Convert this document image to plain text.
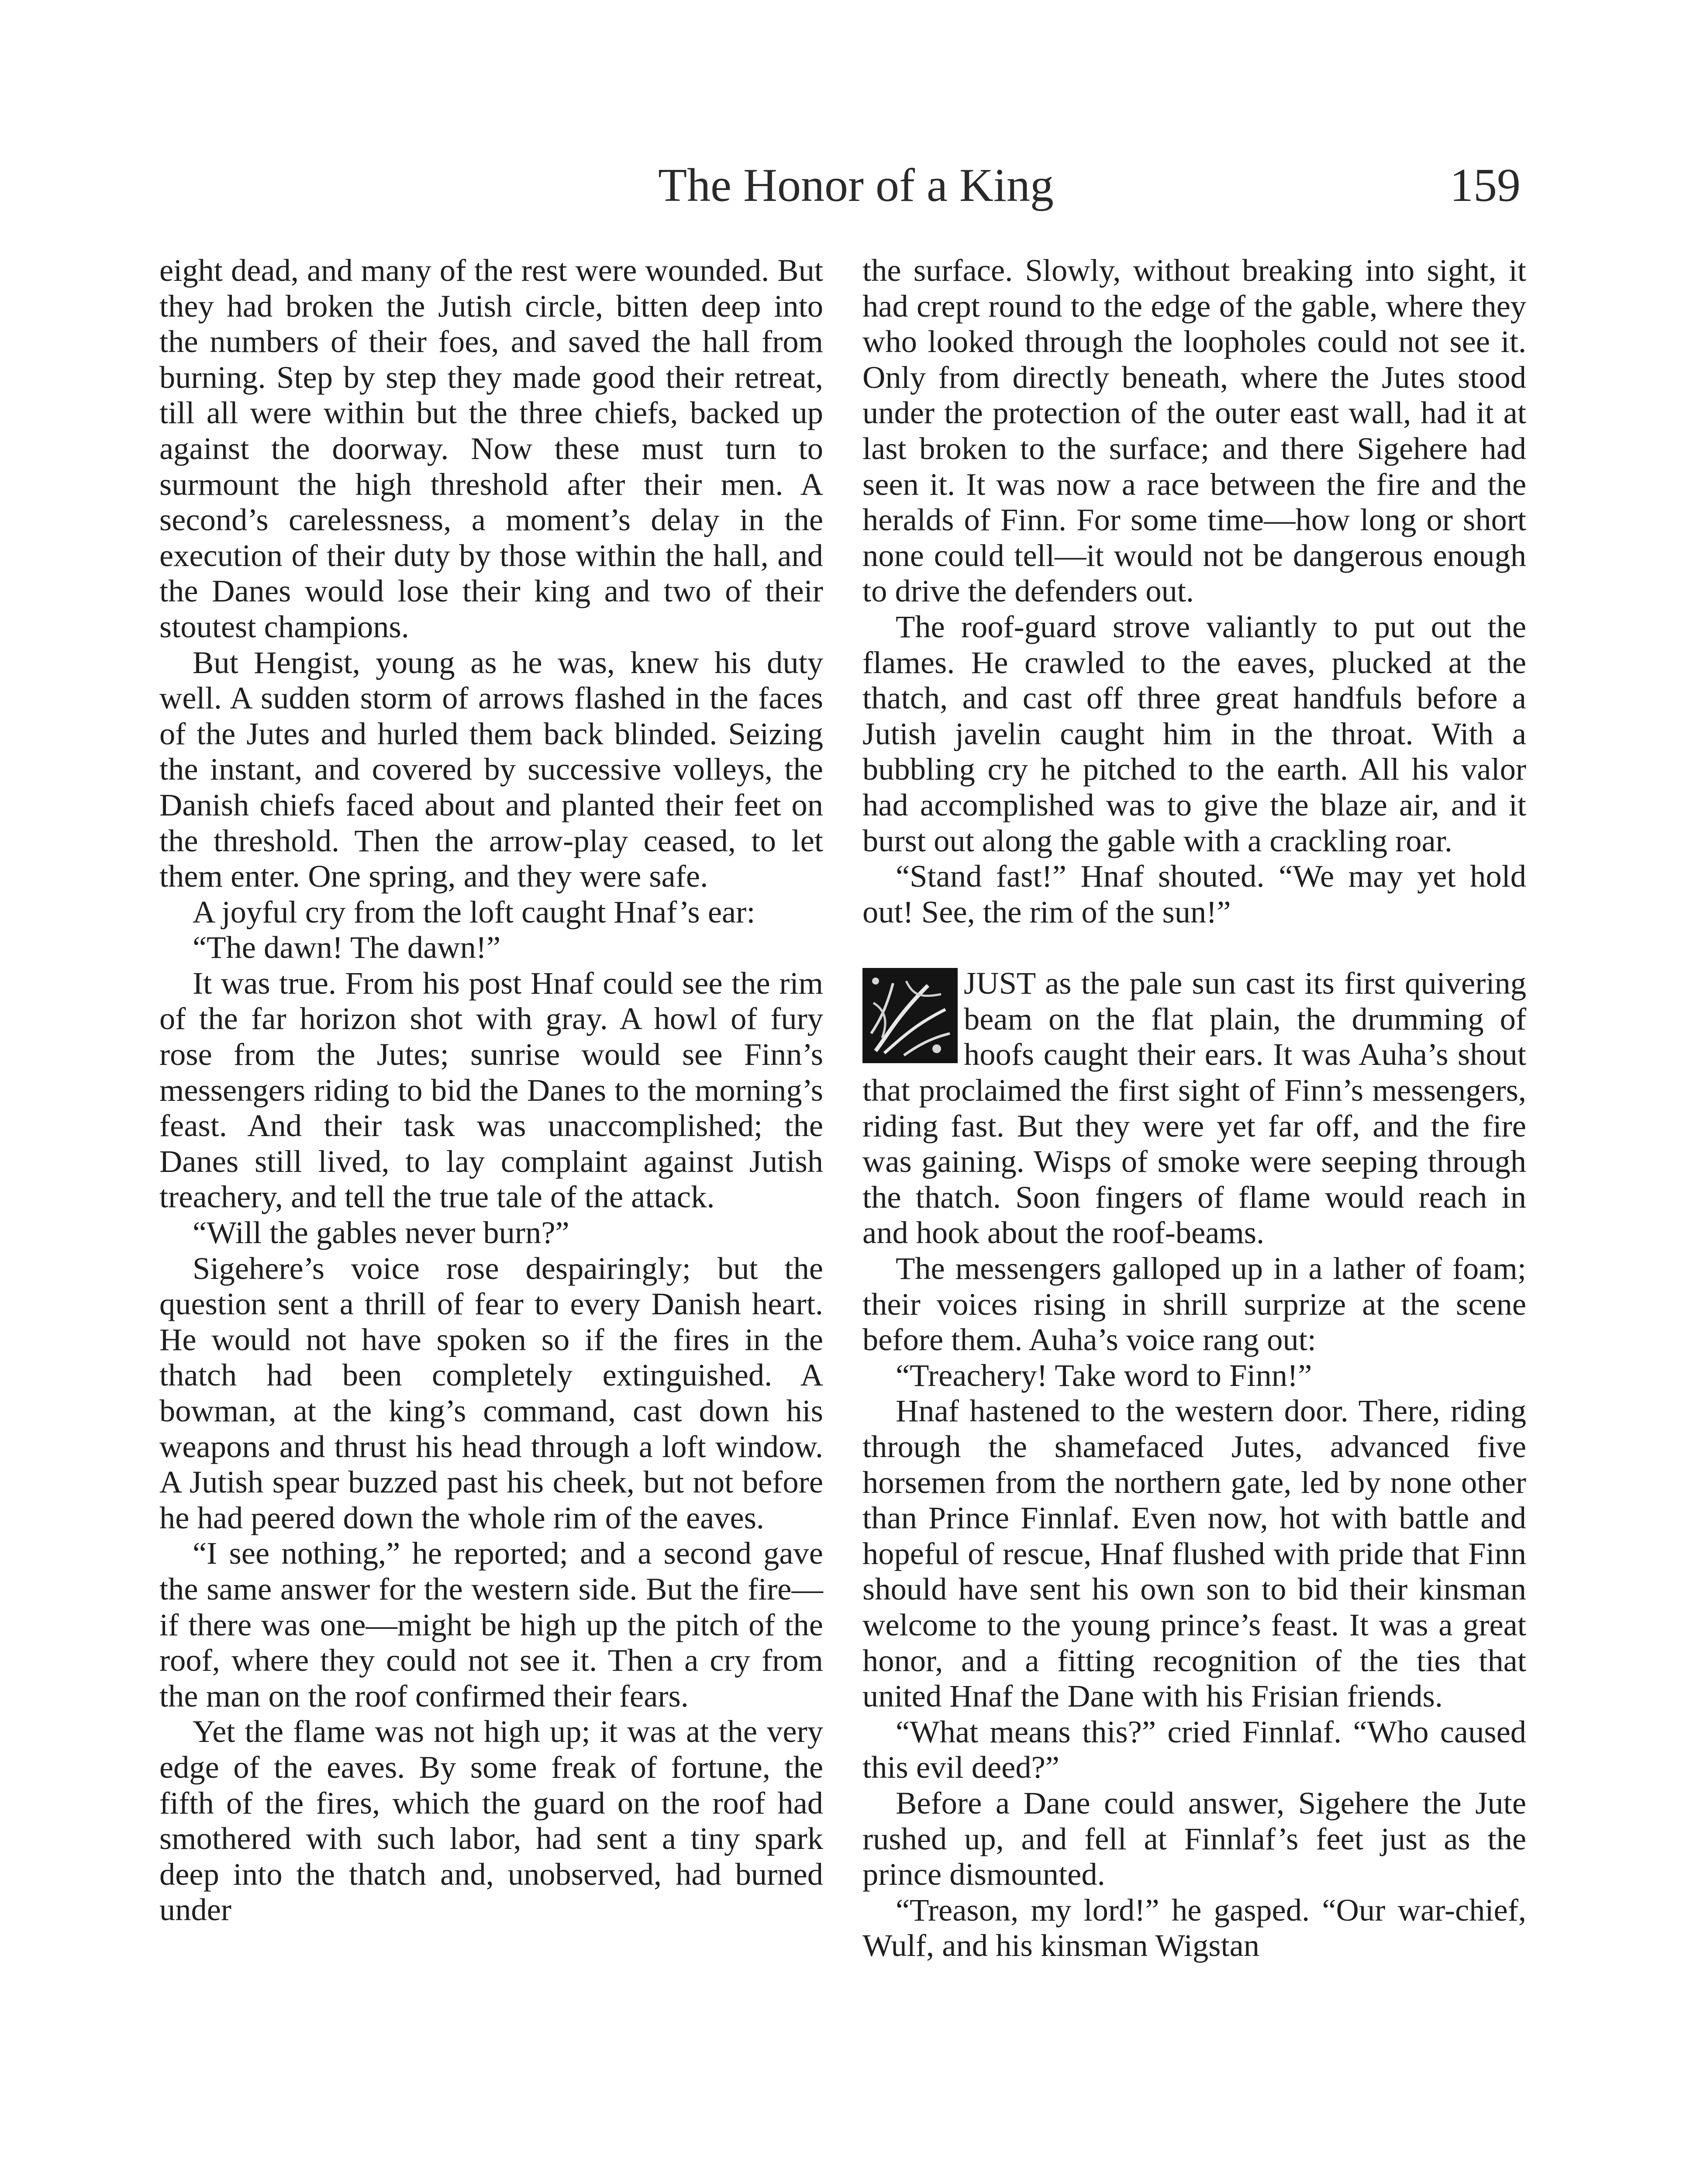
The Honor of a King	159

eight dead, and many of the rest were wounded. But they had broken the Jutish circle, bitten deep into the numbers of their foes, and saved the hall from burning. Step by step they made good their retreat, till all were within but the three chiefs, backed up against the doorway. Now these must turn to surmount the high threshold after their men. A second’s carelessness, a moment’s delay in the execution of their duty by those within the hall, and the Danes would lose their king and two of their stoutest champions.

But Hengist, young as he was, knew his duty well. A sudden storm of arrows flashed in the faces of the Jutes and hurled them back blinded. Seizing the instant, and covered by successive volleys, the Danish chiefs faced about and planted their feet on the threshold. Then the arrow-play ceased, to let them enter. One spring, and they were safe.

A joyful cry from the loft caught Hnaf’s ear:

“The dawn! The dawn!”

It was true. From his post Hnaf could see the rim of the far horizon shot with gray. A howl of fury rose from the Jutes; sunrise would see Finn’s messengers riding to bid the Danes to the morning’s feast. And their task was unaccomplished; the Danes still lived, to lay complaint against Jutish treachery, and tell the true tale of the attack.

“Will the gables never burn?”

Sigehere’s voice rose despairingly; but the question sent a thrill of fear to every Danish heart. He would not have spoken so if the fires in the thatch had been completely extinguished. A bowman, at the king’s command, cast down his weapons and thrust his head through a loft window. A Jutish spear buzzed past his cheek, but not before he had peered down the whole rim of the eaves.

“I see nothing,” he reported; and a second gave the same answer for the western side. But the fire—if there was one—might be high up the pitch of the roof, where they could not see it. Then a cry from the man on the roof confirmed their fears.

Yet the flame was not high up; it was at the very edge of the eaves. By some freak of fortune, the fifth of the fires, which the guard on the roof had smothered with such labor, had sent a tiny spark deep into the thatch and, unobserved, had burned under

the surface. Slowly, without breaking into sight, it had crept round to the edge of the gable, where they who looked through the loopholes could not see it. Only from directly beneath, where the Jutes stood under the protection of the outer east wall, had it at last broken to the surface; and there Sigehere had seen it. It was now a race between the fire and the heralds of Finn. For some time—how long or short none could tell—it would not be dangerous enough to drive the defenders out.

The roof-guard strove valiantly to put out the flames. He crawled to the eaves, plucked at the thatch, and cast off three great handfuls before a Jutish javelin caught him in the throat. With a bubbling cry he pitched to the earth. All his valor had accomplished was to give the blaze air, and it burst out along the gable with a crackling roar.

“Stand fast!” Hnaf shouted. “We may yet hold out! See, the rim of the sun!”

JUST as the pale sun cast its first quivering beam on the flat plain, the drumming of hoofs caught their ears. It was Auha’s shout that proclaimed the first sight of Finn’s messengers, riding fast. But they were yet far off, and the fire was gaining. Wisps of smoke were seeping through the thatch. Soon fingers of flame would reach in and hook about the roof-beams.

The messengers galloped up in a lather of foam; their voices rising in shrill surprize at the scene before them. Auha’s voice rang out:

“Treachery! Take word to Finn!”

Hnaf hastened to the western door. There, riding through the shamefaced Jutes, advanced five horsemen from the northern gate, led by none other than Prince Finnlaf. Even now, hot with battle and hopeful of rescue, Hnaf flushed with pride that Finn should have sent his own son to bid their kinsman welcome to the young prince’s feast. It was a great honor, and a fitting recognition of the ties that united Hnaf the Dane with his Frisian friends.

“What means this?” cried Finnlaf. “Who caused this evil deed?”

Before a Dane could answer, Sigehere the Jute rushed up, and fell at Finnlaf’s feet just as the prince dismounted.

“Treason, my lord!” he gasped. “Our war-chief, Wulf, and his kinsman Wigstan
